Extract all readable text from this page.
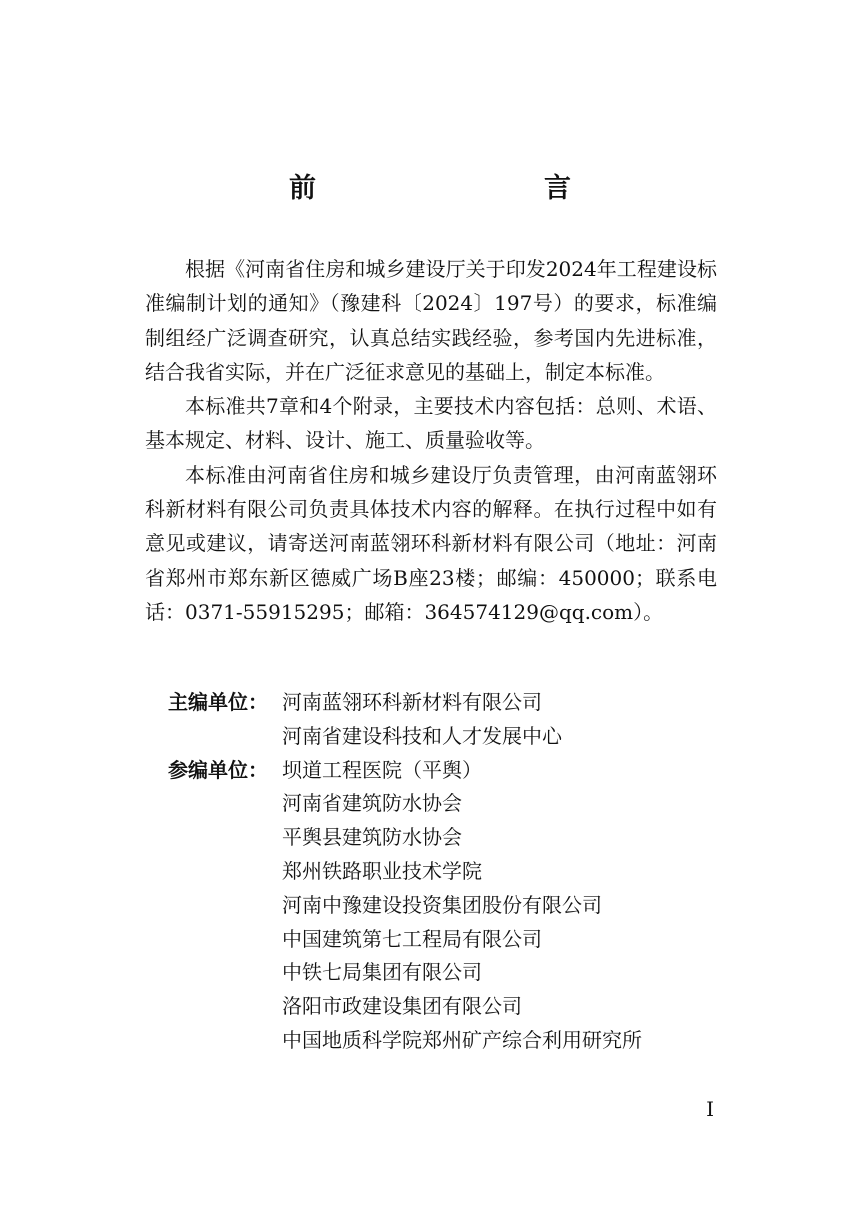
前　　言

根据《河南省住房和城乡建设厅关于印发2024年工程建设标准编制计划的通知》（豫建科〔2024〕197号）的要求，标准编制组经广泛调查研究，认真总结实践经验，参考国内先进标准，结合我省实际，并在广泛征求意见的基础上，制定本标准。

本标准共7章和4个附录，主要技术内容包括：总则、术语、基本规定、材料、设计、施工、质量验收等。

本标准由河南省住房和城乡建设厅负责管理，由河南蓝翎环科新材料有限公司负责具体技术内容的解释。在执行过程中如有意见或建议，请寄送河南蓝翎环科新材料有限公司（地址：河南省郑州市郑东新区德威广场B座23楼；邮编：450000；联系电话：0371-55915295；邮箱：364574129@qq.com）。

主编单位： 河南蓝翎环科新材料有限公司
河南省建设科技和人才发展中心
参编单位： 坝道工程医院（平舆）
河南省建筑防水协会
平舆县建筑防水协会
郑州铁路职业技术学院
河南中豫建设投资集团股份有限公司
中国建筑第七工程局有限公司
中铁七局集团有限公司
洛阳市政建设集团有限公司
中国地质科学院郑州矿产综合利用研究所
I
